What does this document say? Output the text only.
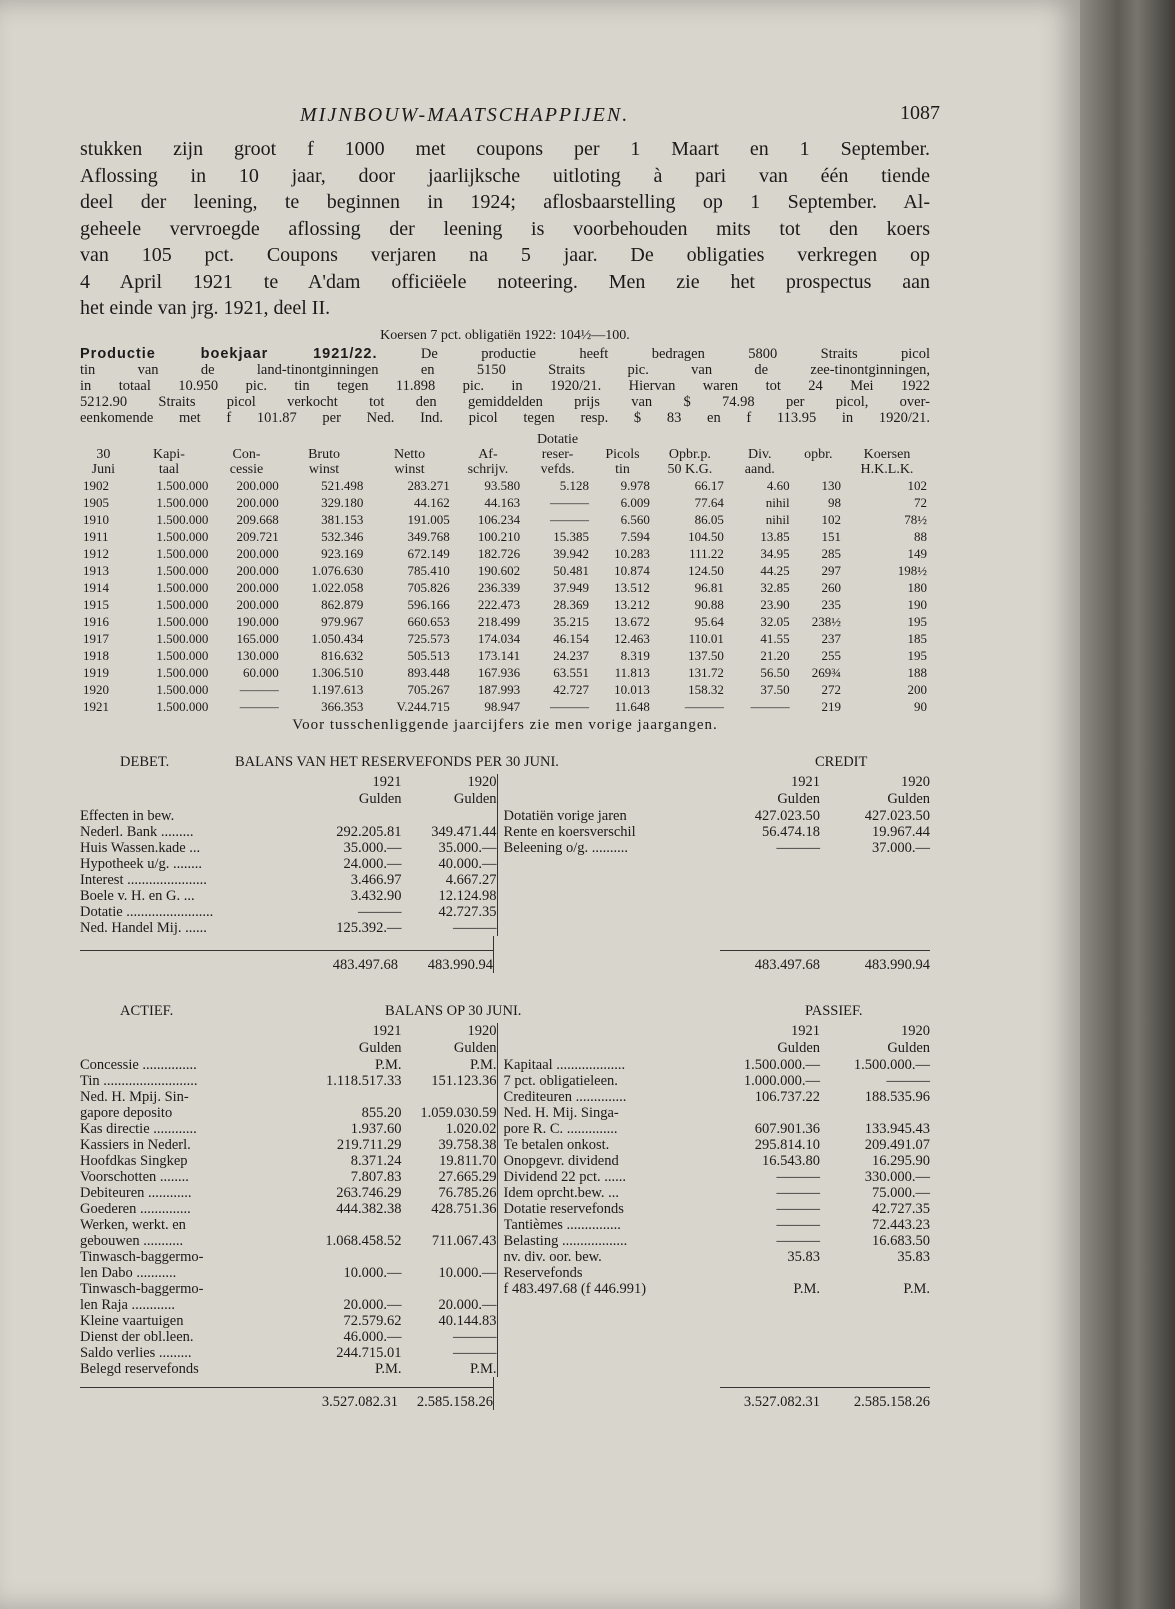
MIJNBOUW-MAATSCHAPPIJEN.	1087
stukken zijn groot f 1000 met coupons per 1 Maart en 1 September.
Aflossing in 10 jaar, door jaarlijksche uitloting à pari van één tiende
deel der leening, te beginnen in 1924; aflosbaarstelling op 1 September. Al-
geheele vervroegde aflossing der leening is voorbehouden mits tot den koers
van 105 pct. Coupons verjaren na 5 jaar. De obligaties verkregen op
4 April 1921 te A'dam officiëele noteering. Men zie het prospectus aan
het einde van jrg. 1921, deel II.
Koersen 7 pct. obligatiën 1922: 104½—100.
Productie boekjaar 1921/22.	De productie heeft bedragen 5800 Straits picol
tin van de land-tinontginningen en 5150 Straits pic. van de zee-tinontginningen,
in totaal 10.950 pic. tin tegen 11.898 pic. in 1920/21. Hiervan waren tot 24 Mei 1922
5212.90 Straits picol verkocht tot den gemiddelden prijs van $ 74.98 per picol, over-
eenkomende met f 101.87 per Ned. Ind. picol tegen resp. $ 83 en f 113.95 in 1920/21.
						Dotatie					
30	Kapi-	Con-	Bruto	Netto	Af-	reser-	Picols	Opbr.p.	Div.	opbr.	Koersen
Juni	taal	cessie	winst	winst	schrijv.	vefds.	tin	50 K.G.	aand.		H.K.L.K.
1902	1.500.000	200.000	521.498	283.271	93.580	5.128	9.978	66.17	4.60	130	102
1905	1.500.000	200.000	329.180	44.162	44.163	———	6.009	77.64	nihil	98	72
1910	1.500.000	209.668	381.153	191.005	106.234	———	6.560	86.05	nihil	102	78½
1911	1.500.000	209.721	532.346	349.768	100.210	15.385	7.594	104.50	13.85	151	88
1912	1.500.000	200.000	923.169	672.149	182.726	39.942	10.283	111.22	34.95	285	149
1913	1.500.000	200.000	1.076.630	785.410	190.602	50.481	10.874	124.50	44.25	297	198½
1914	1.500.000	200.000	1.022.058	705.826	236.339	37.949	13.512	96.81	32.85	260	180
1915	1.500.000	200.000	862.879	596.166	222.473	28.369	13.212	90.88	23.90	235	190
1916	1.500.000	190.000	979.967	660.653	218.499	35.215	13.672	95.64	32.05	238½	195
1917	1.500.000	165.000	1.050.434	725.573	174.034	46.154	12.463	110.01	41.55	237	185
1918	1.500.000	130.000	816.632	505.513	173.141	24.237	8.319	137.50	21.20	255	195
1919	1.500.000	60.000	1.306.510	893.448	167.936	63.551	11.813	131.72	56.50	269¾	188
1920	1.500.000	———	1.197.613	705.267	187.993	42.727	10.013	158.32	37.50	272	200
1921	1.500.000	———	366.353	V.244.715	98.947	———	11.648	———	———	219	90
Voor tusschenliggende jaarcijfers zie men vorige jaargangen.
DEBET.	BALANS VAN HET RESERVEFONDS PER 30 JUNI.	CREDIT
1921	1920
Gulden	Gulden
Effecten in bew.
Nederl. Bank .........	292.205.81	349.471.44
Huis Wassen.kade ...	35.000.—	35.000.—
Hypotheek u/g. ........	24.000.—	40.000.—
Interest ......................	3.466.97	4.667.27
Boele v. H. en G. ...	3.432.90	12.124.98
Dotatie ........................	———	42.727.35
Ned. Handel Mij. ......	125.392.—	———
1921	1920
Gulden	Gulden
Dotatiën vorige jaren	427.023.50	427.023.50
Rente en koersverschil	56.474.18	19.967.44
Beleening o/g. ..........	———	37.000.—
483.497.68	483.990.94	483.497.68	483.990.94
ACTIEF.	BALANS OP 30 JUNI.	PASSIEF.
1921	1920
Gulden	Gulden
Concessie ...............	P.M.	P.M.
Tin ..........................	1.118.517.33	151.123.36
Ned. H. Mpij. Sin-
gapore deposito	855.20	1.059.030.59
Kas directie ............	1.937.60	1.020.02
Kassiers in Nederl.	219.711.29	39.758.38
Hoofdkas Singkep	8.371.24	19.811.70
Voorschotten ........	7.807.83	27.665.29
Debiteuren ............	263.746.29	76.785.26
Goederen ..............	444.382.38	428.751.36
Werken, werkt. en
gebouwen ...........	1.068.458.52	711.067.43
Tinwasch-baggermo-
len Dabo ...........	10.000.—	10.000.—
Tinwasch-baggermo-
len Raja ............	20.000.—	20.000.—
Kleine vaartuigen	72.579.62	40.144.83
Dienst der obl.leen.	46.000.—	———
Saldo verlies .........	244.715.01	———
Belegd reservefonds	P.M.	P.M.
1921	1920
Gulden	Gulden
Kapitaal ...................	1.500.000.—	1.500.000.—
7 pct. obligatieleen.	1.000.000.—	———
Crediteuren ..............	106.737.22	188.535.96
Ned. H. Mij. Singa-
pore R. C. ..............	607.901.36	133.945.43
Te betalen onkost.	295.814.10	209.491.07
Onopgevr. dividend	16.543.80	16.295.90
Dividend 22 pct. ......	———	330.000.—
Idem oprcht.bew. ...	———	75.000.—
Dotatie reservefonds	———	42.727.35
Tantièmes ...............	———	72.443.23
Belasting ..................	———	16.683.50
nv. div. oor. bew.	35.83	35.83
Reservefonds
f 483.497.68 (f 446.991)	P.M.	P.M.
3.527.082.31	2.585.158.26	3.527.082.31	2.585.158.26
